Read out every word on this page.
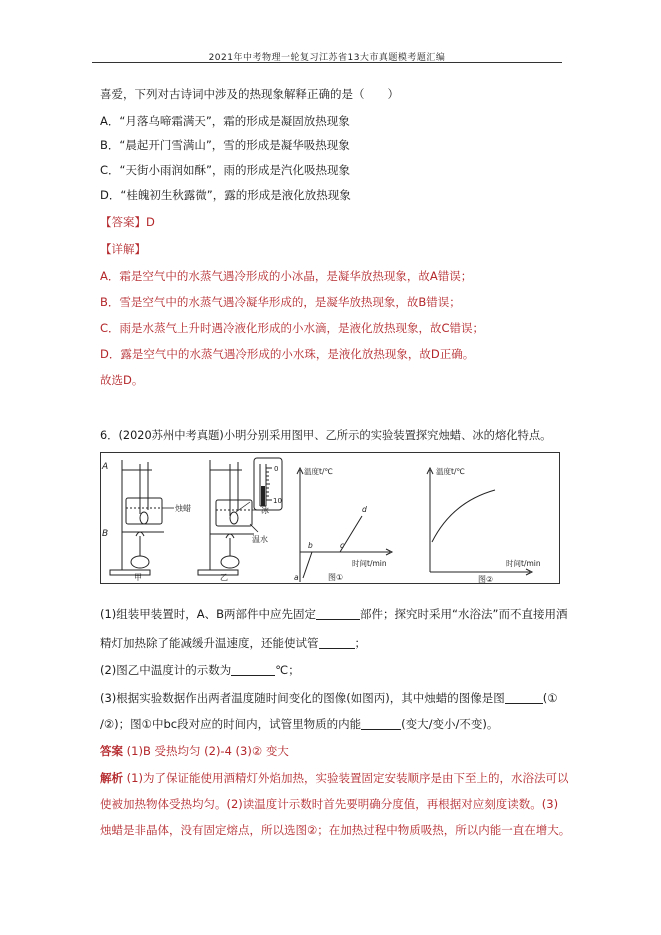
2021年中考物理一轮复习江苏省13大市真题模考题汇编
喜爱，下列对古诗词中涉及的热现象解释正确的是（　　）
A．“月落乌啼霜满天”，霜的形成是凝固放热现象
B．“晨起开门雪满山”，雪的形成是凝华吸热现象
C．“天街小雨润如酥”，雨的形成是汽化吸热现象
D．“桂魄初生秋露微”，露的形成是液化放热现象
【答案】D
【详解】
A．霜是空气中的水蒸气遇冷形成的小冰晶，是凝华放热现象，故A错误；
B．雪是空气中的水蒸气遇冷凝华形成的，是凝华放热现象，故B错误；
C．雨是水蒸气上升时遇冷液化形成的小水滴，是液化放热现象，故C错误；
D．露是空气中的水蒸气遇冷形成的小水珠，是液化放热现象，故D正确。
故选D。
6．(2020苏州中考真题)小明分别采用图甲、乙所示的实验装置探究烛蜡、冰的熔化特点。
A
B
烛蜡
甲
冰
温水
乙
0
10
温度t/℃
时间t/min
a
b	c
d
图①
温度t/℃
时间t/min
图②
(1)组装甲装置时，A、B两部件中应先固定	部件；探究时采用“水浴法”而不直接用酒
精灯加热除了能减缓升温速度，还能使试管	；
(2)图乙中温度计的示数为	℃；
(3)根据实验数据作出两者温度随时间变化的图像(如图丙)，其中烛蜡的图像是图	(①
/②)；图①中bc段对应的时间内，试管里物质的内能	(变大/变小/不变)。
答案 (1)B 受热均匀 (2)-4 (3)② 变大
解析 (1)为了保证能使用酒精灯外焰加热，实验装置固定安装顺序是由下至上的，水浴法可以
使被加热物体受热均匀。(2)读温度计示数时首先要明确分度值，再根据对应刻度读数。(3)
烛蜡是非晶体，没有固定熔点，所以选图②；在加热过程中物质吸热，所以内能一直在增大。
